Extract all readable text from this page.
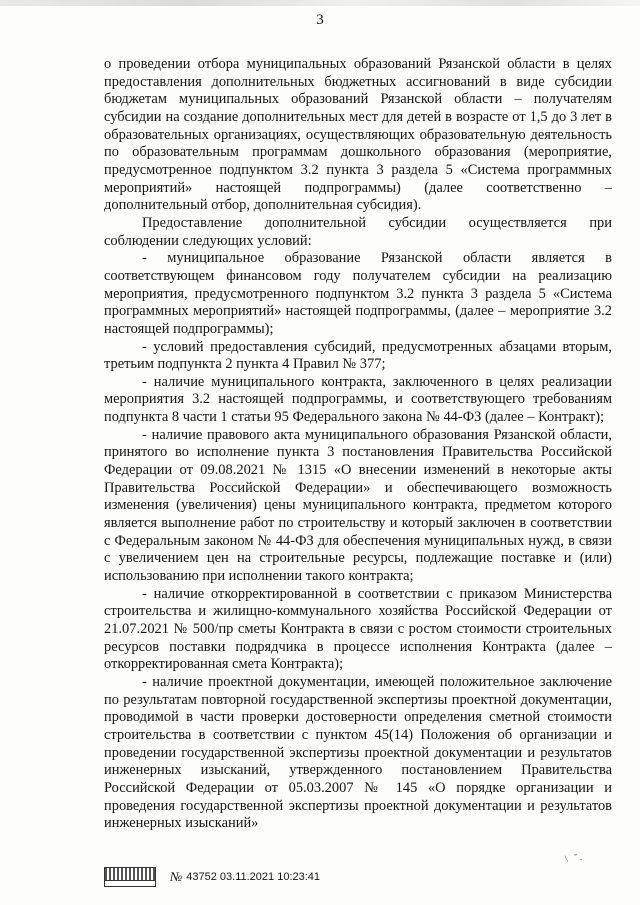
3

о проведении отбора муниципальных образований Рязанской области в целях предоставления дополнительных бюджетных ассигнований в виде субсидии бюджетам муниципальных образований Рязанской области – получателям субсидии на создание дополнительных мест для детей в возрасте от 1,5 до 3 лет в образовательных организациях, осуществляющих образовательную деятельность по образовательным программам дошкольного образования (мероприятие, предусмотренное подпунктом 3.2 пункта 3 раздела 5 «Система программных мероприятий» настоящей подпрограммы) (далее соответственно – дополнительный отбор, дополнительная субсидия).

Предоставление дополнительной субсидии осуществляется при соблюдении следующих условий:

- муниципальное образование Рязанской области является в соответствующем финансовом году получателем субсидии на реализацию мероприятия, предусмотренного подпунктом 3.2 пункта 3 раздела 5 «Система программных мероприятий» настоящей подпрограммы, (далее – мероприятие 3.2 настоящей подпрограммы);

- условий предоставления субсидий, предусмотренных абзацами вторым, третьим подпункта 2 пункта 4 Правил № 377;

- наличие муниципального контракта, заключенного в целях реализации мероприятия 3.2 настоящей подпрограммы, и соответствующего требованиям подпункта 8 части 1 статьи 95 Федерального закона № 44-ФЗ (далее – Контракт);

- наличие правового акта муниципального образования Рязанской области, принятого во исполнение пункта 3 постановления Правительства Российской Федерации от 09.08.2021 № 1315 «О внесении изменений в некоторые акты Правительства Российской Федерации» и обеспечивающего возможность изменения (увеличения) цены муниципального контракта, предметом которого является выполнение работ по строительству и который заключен в соответствии с Федеральным законом № 44-ФЗ для обеспечения муниципальных нужд, в связи с увеличением цен на строительные ресурсы, подлежащие поставке и (или) использованию при исполнении такого контракта;

- наличие откорректированной в соответствии с приказом Министерства строительства и жилищно-коммунального хозяйства Российской Федерации от 21.07.2021 № 500/пр сметы Контракта в связи с ростом стоимости строительных ресурсов поставки подрядчика в процессе исполнения Контракта (далее – откорректированная смета Контракта);

- наличие проектной документации, имеющей положительное заключение по результатам повторной государственной экспертизы проектной документации, проводимой в части проверки достоверности определения сметной стоимости строительства в соответствии с пунктом 45(14) Положения об организации и проведении государственной экспертизы проектной документации и результатов инженерных изысканий, утвержденного постановлением Правительства Российской Федерации от 05.03.2007 № 145 «О порядке организации и проведения государственной экспертизы проектной документации и результатов инженерных изысканий»

№ 43752 03.11.2021 10:23:41
\ ˘.
